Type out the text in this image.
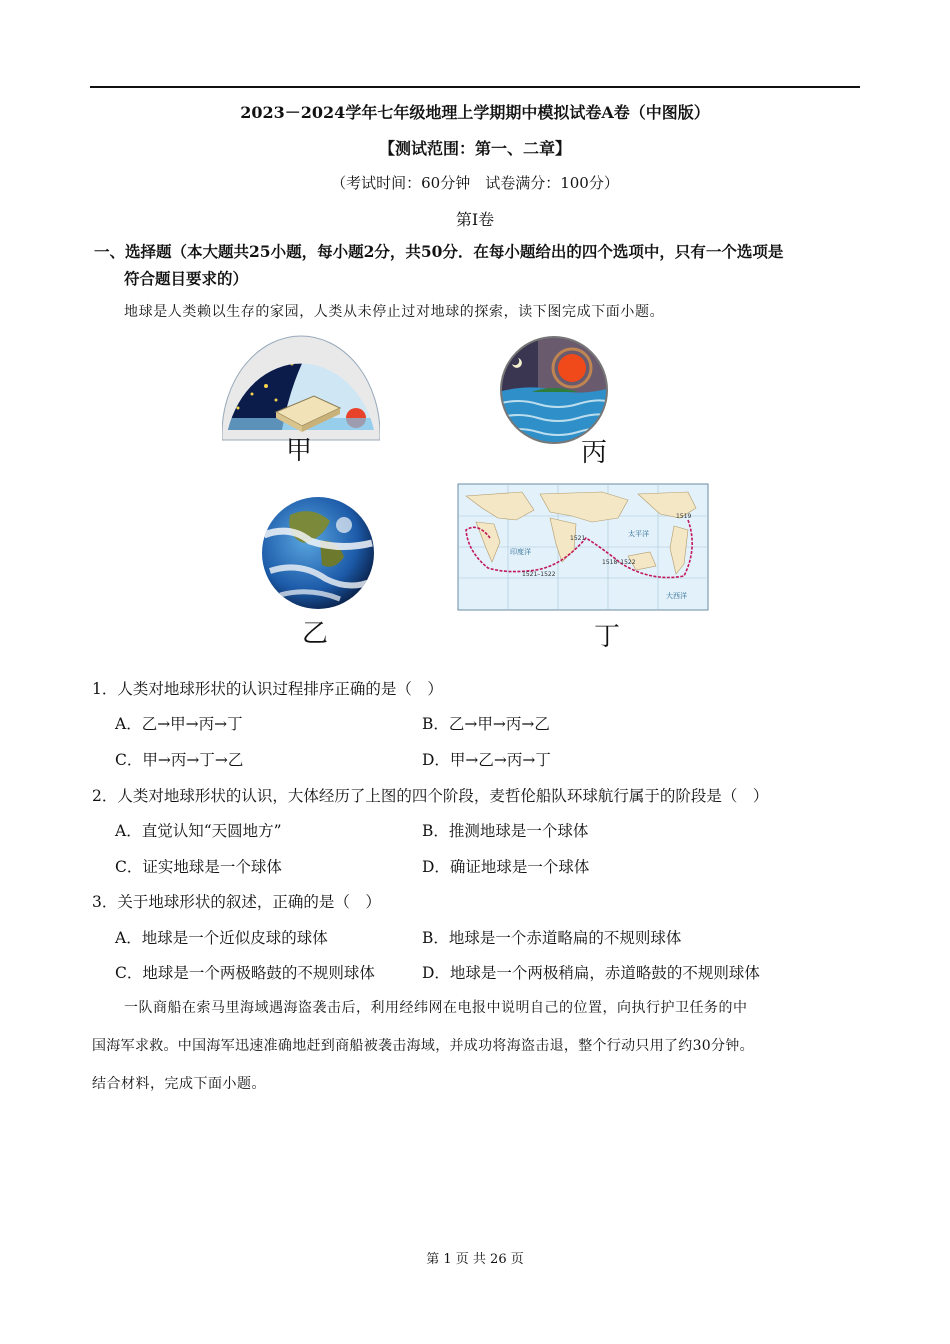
2023－2024学年七年级地理上学期期中模拟试卷A卷（中图版）
【测试范围：第一、二章】
（考试时间：60分钟　试卷满分：100分）
第Ⅰ卷
一、选择题（本大题共25小题，每小题2分，共50分．在每小题给出的四个选项中，只有一个选项是
符合题目要求的）
地球是人类赖以生存的家园，人类从未停止过对地球的探索，读下图完成下面小题。
甲	丙
乙
1521
1518–1522
1521–1522
1519
印度洋
太平洋
大西洋
丁
1．人类对地球形状的认识过程排序正确的是（　）
A．乙→甲→丙→丁	B．乙→甲→丙→乙
C．甲→丙→丁→乙	D．甲→乙→丙→丁
2．人类对地球形状的认识，大体经历了上图的四个阶段，麦哲伦船队环球航行属于的阶段是（　）
A．直觉认知“天圆地方”	B．推测地球是一个球体
C．证实地球是一个球体	D．确证地球是一个球体
3．关于地球形状的叙述，正确的是（　）
A．地球是一个近似皮球的球体	B．地球是一个赤道略扁的不规则球体
C．地球是一个两极略鼓的不规则球体	D．地球是一个两极稍扁，赤道略鼓的不规则球体
一队商船在索马里海域遇海盗袭击后，利用经纬网在电报中说明自己的位置，向执行护卫任务的中
国海军求救。中国海军迅速准确地赶到商船被袭击海域，并成功将海盗击退，整个行动只用了约30分钟。
结合材料，完成下面小题。
第 1 页 共 26 页
